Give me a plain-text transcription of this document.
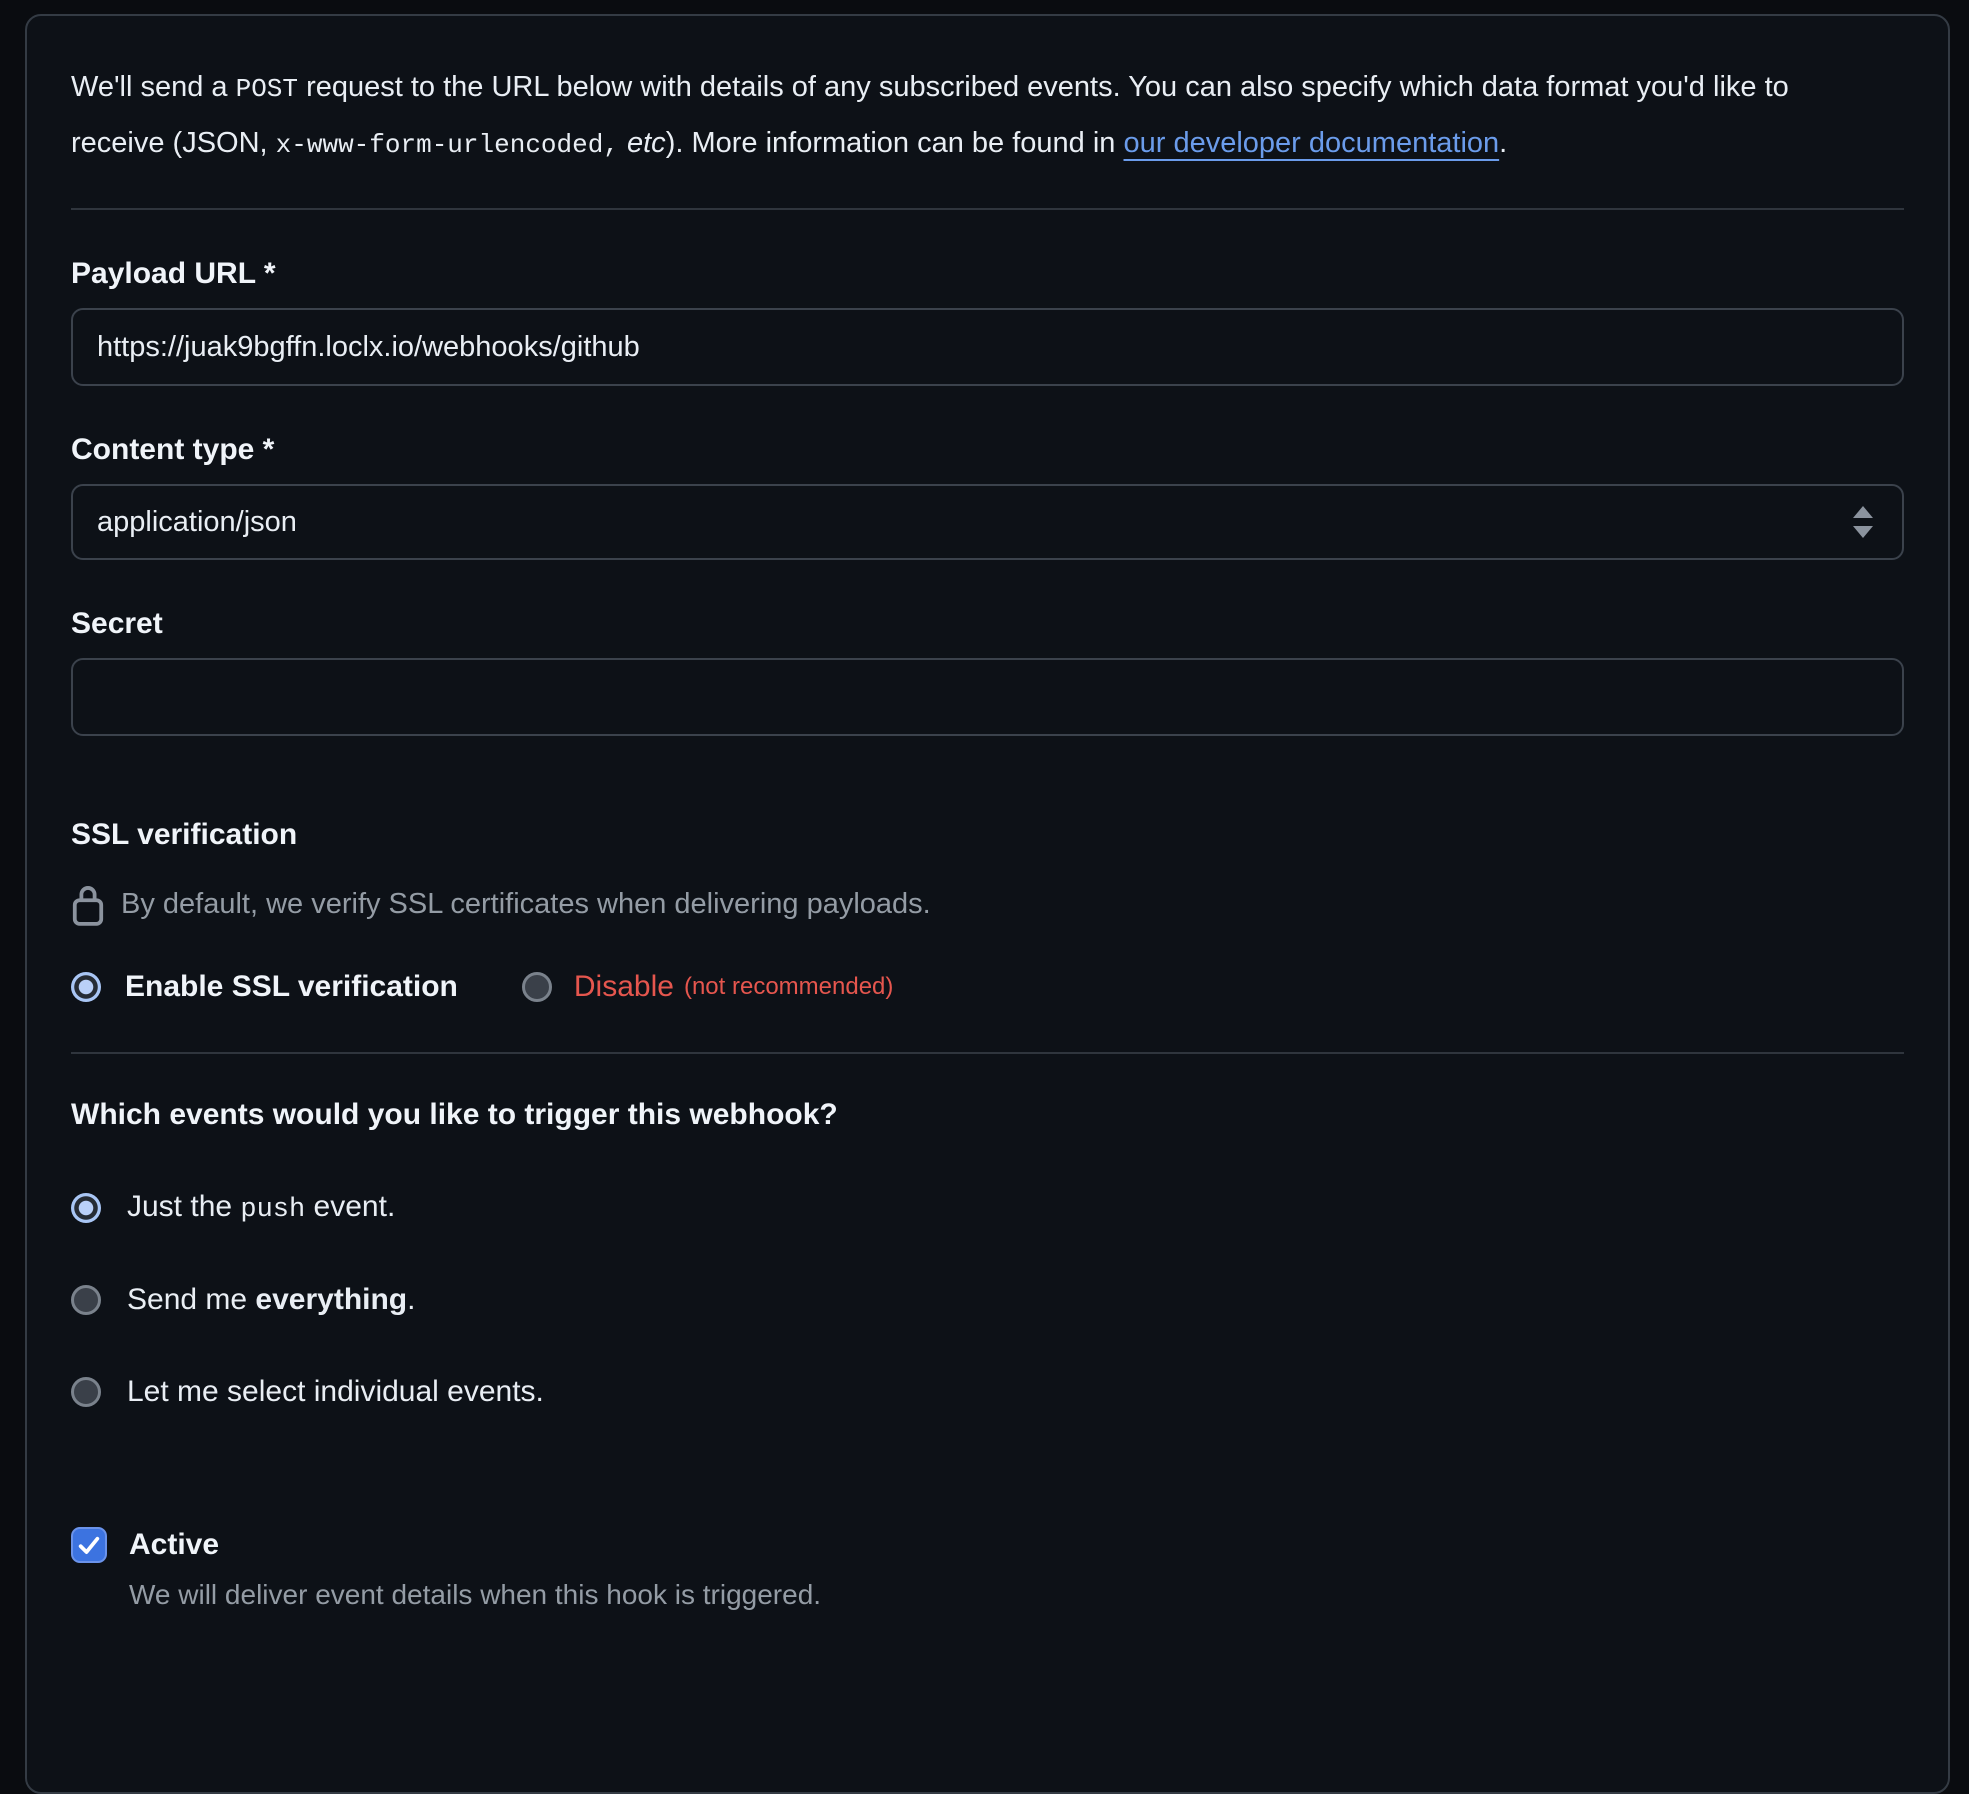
We'll send a POST request to the URL below with details of any subscribed events. You can also specify which data format you'd like to receive (JSON, x-www-form-urlencoded, etc). More information can be found in our developer documentation.

Payload URL *
https://juak9bgffn.loclx.io/webhooks/github
Content type *
application/json
Secret
SSL verification
By default, we verify SSL certificates when delivering payloads.
Enable SSL verification	Disable (not recommended)
Which events would you like to trigger this webhook?
Just the push event.
Send me everything.
Let me select individual events.
Active

We will deliver event details when this hook is triggered.
